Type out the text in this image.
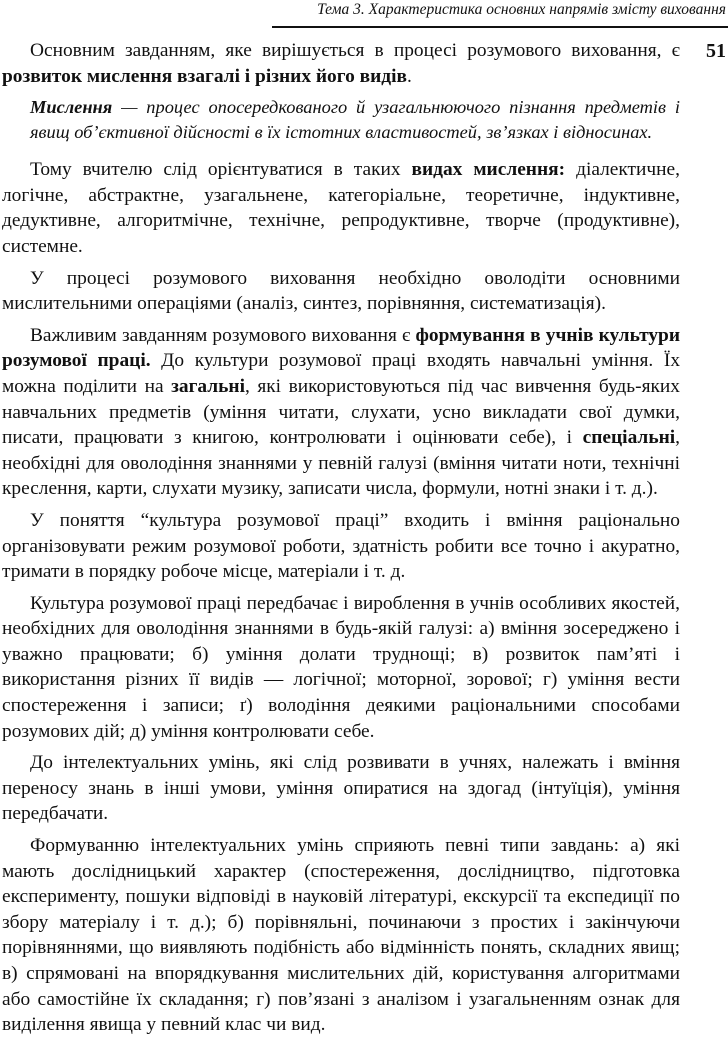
Тема 3. Характеристика основних напрямів змісту виховання
51

Основним завданням, яке вирішується в процесі розумового виховання, є розвиток мислення взагалі і різних його видів.

Мислення — процес опосередкованого й узагальнюючого пізнання предметів і явищ об’єктивної дійсності в їх істотних властивостей, зв’язках і відносинах.

Тому вчителю слід орієнтуватися в таких видах мислення: діалектичне, логічне, абстрактне, узагальнене, категоріальне, теоретичне, індуктивне, дедуктивне, алгоритмічне, технічне, репродуктивне, творче (продуктивне), системне.

У процесі розумового виховання необхідно оволодіти основними мислительними операціями (аналіз, синтез, порівняння, систематизація).

Важливим завданням розумового виховання є формування в учнів культури розумової праці. До культури розумової праці входять навчальні уміння. Їх можна поділити на загальні, які використовуються під час вивчення будь-яких навчальних предметів (уміння читати, слухати, усно викладати свої думки, писати, працювати з книгою, контролювати і оцінювати себе), і спеціальні, необхідні для оволодіння знаннями у певній галузі (вміння читати ноти, технічні креслення, карти, слухати музику, записати числа, формули, нотні знаки і т. д.).

У поняття “культура розумової праці” входить і вміння раціонально організовувати режим розумової роботи, здатність робити все точно і акуратно, тримати в порядку робоче місце, матеріали і т. д.

Культура розумової праці передбачає і вироблення в учнів особливих якостей, необхідних для оволодіння знаннями в будь-якій галузі: а) вміння зосереджено і уважно працювати; б) уміння долати труднощі; в) розвиток пам’яті і використання різних її видів — логічної; моторної, зорової; г) уміння вести спостереження і записи; ґ) володіння деякими раціональними способами розумових дій; д) уміння контролювати себе.

До інтелектуальних умінь, які слід розвивати в учнях, належать і вміння переносу знань в інші умови, уміння опиратися на здогад (інтуїція), уміння передбачати.

Формуванню інтелектуальних умінь сприяють певні типи завдань: а) які мають дослідницький характер (спостереження, дослідництво, підготовка експерименту, пошуки відповіді в науковій літературі, екскурсії та експедиції по збору матеріалу і т. д.); б) порівняльні, починаючи з простих і закінчуючи порівняннями, що виявляють подібність або відмінність понять, складних явищ; в) спрямовані на впорядкування мислительних дій, користування алгоритмами або самостійне їх складання; г) пов’язані з аналізом і узагальненням ознак для виділення явища у певний клас чи вид.
